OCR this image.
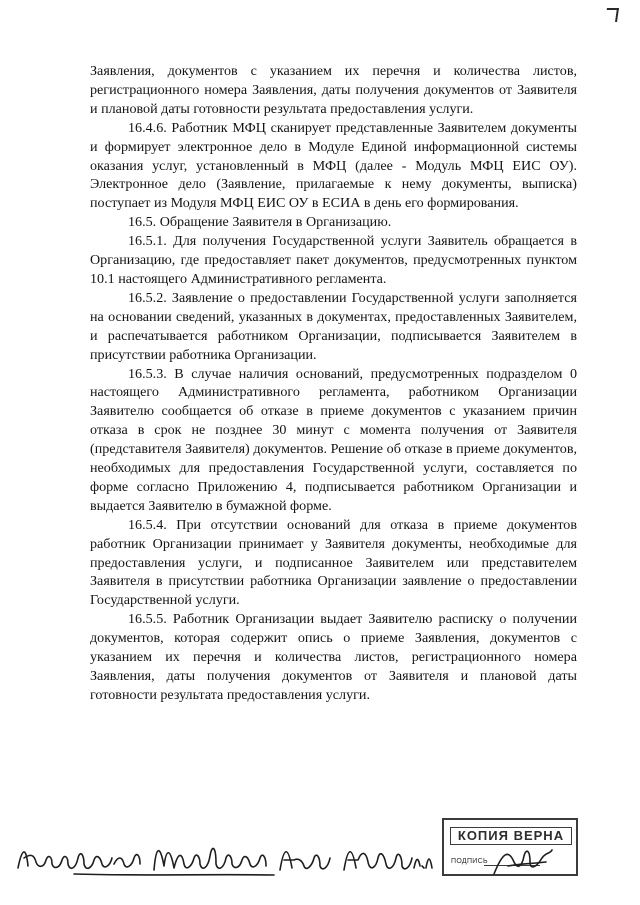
Заявления, документов с указанием их перечня и количества листов, регистрационного номера Заявления, даты получения документов от Заявителя и плановой даты готовности результата предоставления услуги.

16.4.6. Работник МФЦ сканирует представленные Заявителем документы и формирует электронное дело в Модуле Единой информационной системы оказания услуг, установленный в МФЦ (далее - Модуль МФЦ ЕИС ОУ). Электронное дело (Заявление, прилагаемые к нему документы, выписка) поступает из Модуля МФЦ ЕИС ОУ в ЕСИА в день его формирования.

16.5. Обращение Заявителя в Организацию.

16.5.1. Для получения Государственной услуги Заявитель обращается в Организацию, где предоставляет пакет документов, предусмотренных пунктом 10.1 настоящего Административного регламента.

16.5.2. Заявление о предоставлении Государственной услуги заполняется на основании сведений, указанных в документах, предоставленных Заявителем, и распечатывается работником Организации, подписывается Заявителем в присутствии работника Организации.

16.5.3. В случае наличия оснований, предусмотренных подразделом 0 настоящего Административного регламента, работником Организации Заявителю сообщается об отказе в приеме документов с указанием причин отказа в срок не позднее 30 минут с момента получения от Заявителя (представителя Заявителя) документов. Решение об отказе в приеме документов, необходимых для предоставления Государственной услуги, составляется по форме согласно Приложению 4, подписывается работником Организации и выдается Заявителю в бумажной форме.

16.5.4. При отсутствии оснований для отказа в приеме документов работник Организации принимает у Заявителя документы, необходимые для предоставления услуги, и подписанное Заявителем или представителем Заявителя в присутствии работника Организации заявление о предоставлении Государственной услуги.

16.5.5. Работник Организации выдает Заявителю расписку о получении документов, которая содержит опись о приеме Заявления, документов с указанием их перечня и количества листов, регистрационного номера Заявления, даты получения документов от Заявителя и плановой даты готовности результата предоставления услуги.

КОПИЯ ВЕРНА
ПОДПИСЬ
